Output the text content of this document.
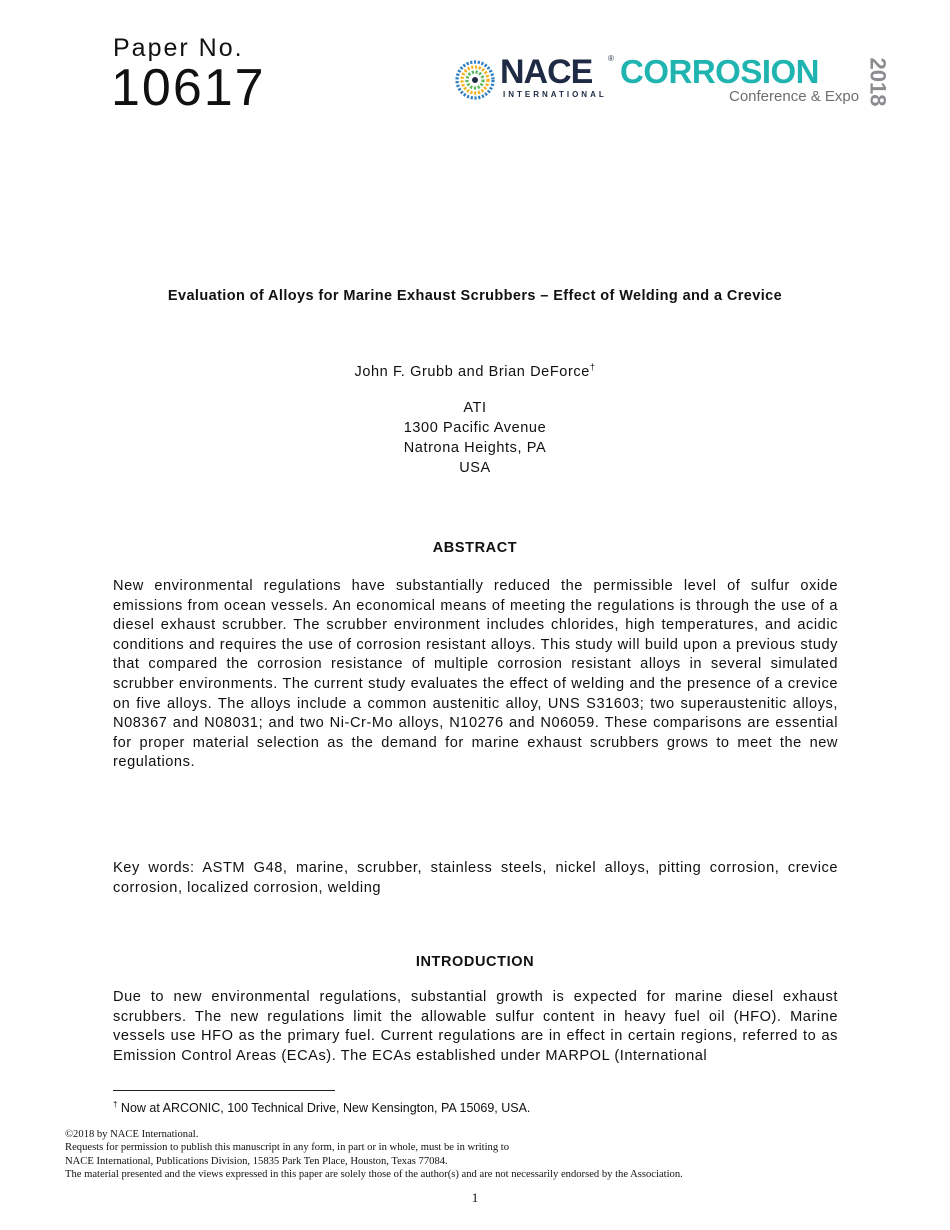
Paper No.
10617	NACE ®
INTERNATIONAL
CORROSION
Conference & Expo 2018
Evaluation of Alloys for Marine Exhaust Scrubbers – Effect of Welding and a Crevice
John F. Grubb and Brian DeForce†
ATI
1300 Pacific Avenue
Natrona Heights, PA
USA
ABSTRACT

New environmental regulations have substantially reduced the permissible level of sulfur oxide emissions from ocean vessels. An economical means of meeting the regulations is through the use of a diesel exhaust scrubber. The scrubber environment includes chlorides, high temperatures, and acidic conditions and requires the use of corrosion resistant alloys. This study will build upon a previous study that compared the corrosion resistance of multiple corrosion resistant alloys in several simulated scrubber environments. The current study evaluates the effect of welding and the presence of a crevice on five alloys. The alloys include a common austenitic alloy, UNS S31603; two superaustenitic alloys, N08367 and N08031; and two Ni-Cr-Mo alloys, N10276 and N06059. These comparisons are essential for proper material selection as the demand for marine exhaust scrubbers grows to meet the new regulations.

Key words: ASTM G48, marine, scrubber, stainless steels, nickel alloys, pitting corrosion, crevice corrosion, localized corrosion, welding

INTRODUCTION

Due to new environmental regulations, substantial growth is expected for marine diesel exhaust scrubbers. The new regulations limit the allowable sulfur content in heavy fuel oil (HFO). Marine vessels use HFO as the primary fuel. Current regulations are in effect in certain regions, referred to as Emission Control Areas (ECAs). The ECAs established under MARPOL (International

† Now at ARCONIC, 100 Technical Drive, New Kensington, PA 15069, USA.
©2018 by NACE International.
Requests for permission to publish this manuscript in any form, in part or in whole, must be in writing to
NACE International, Publications Division, 15835 Park Ten Place, Houston, Texas 77084.
The material presented and the views expressed in this paper are solely those of the author(s) and are not necessarily endorsed by the Association.
1
